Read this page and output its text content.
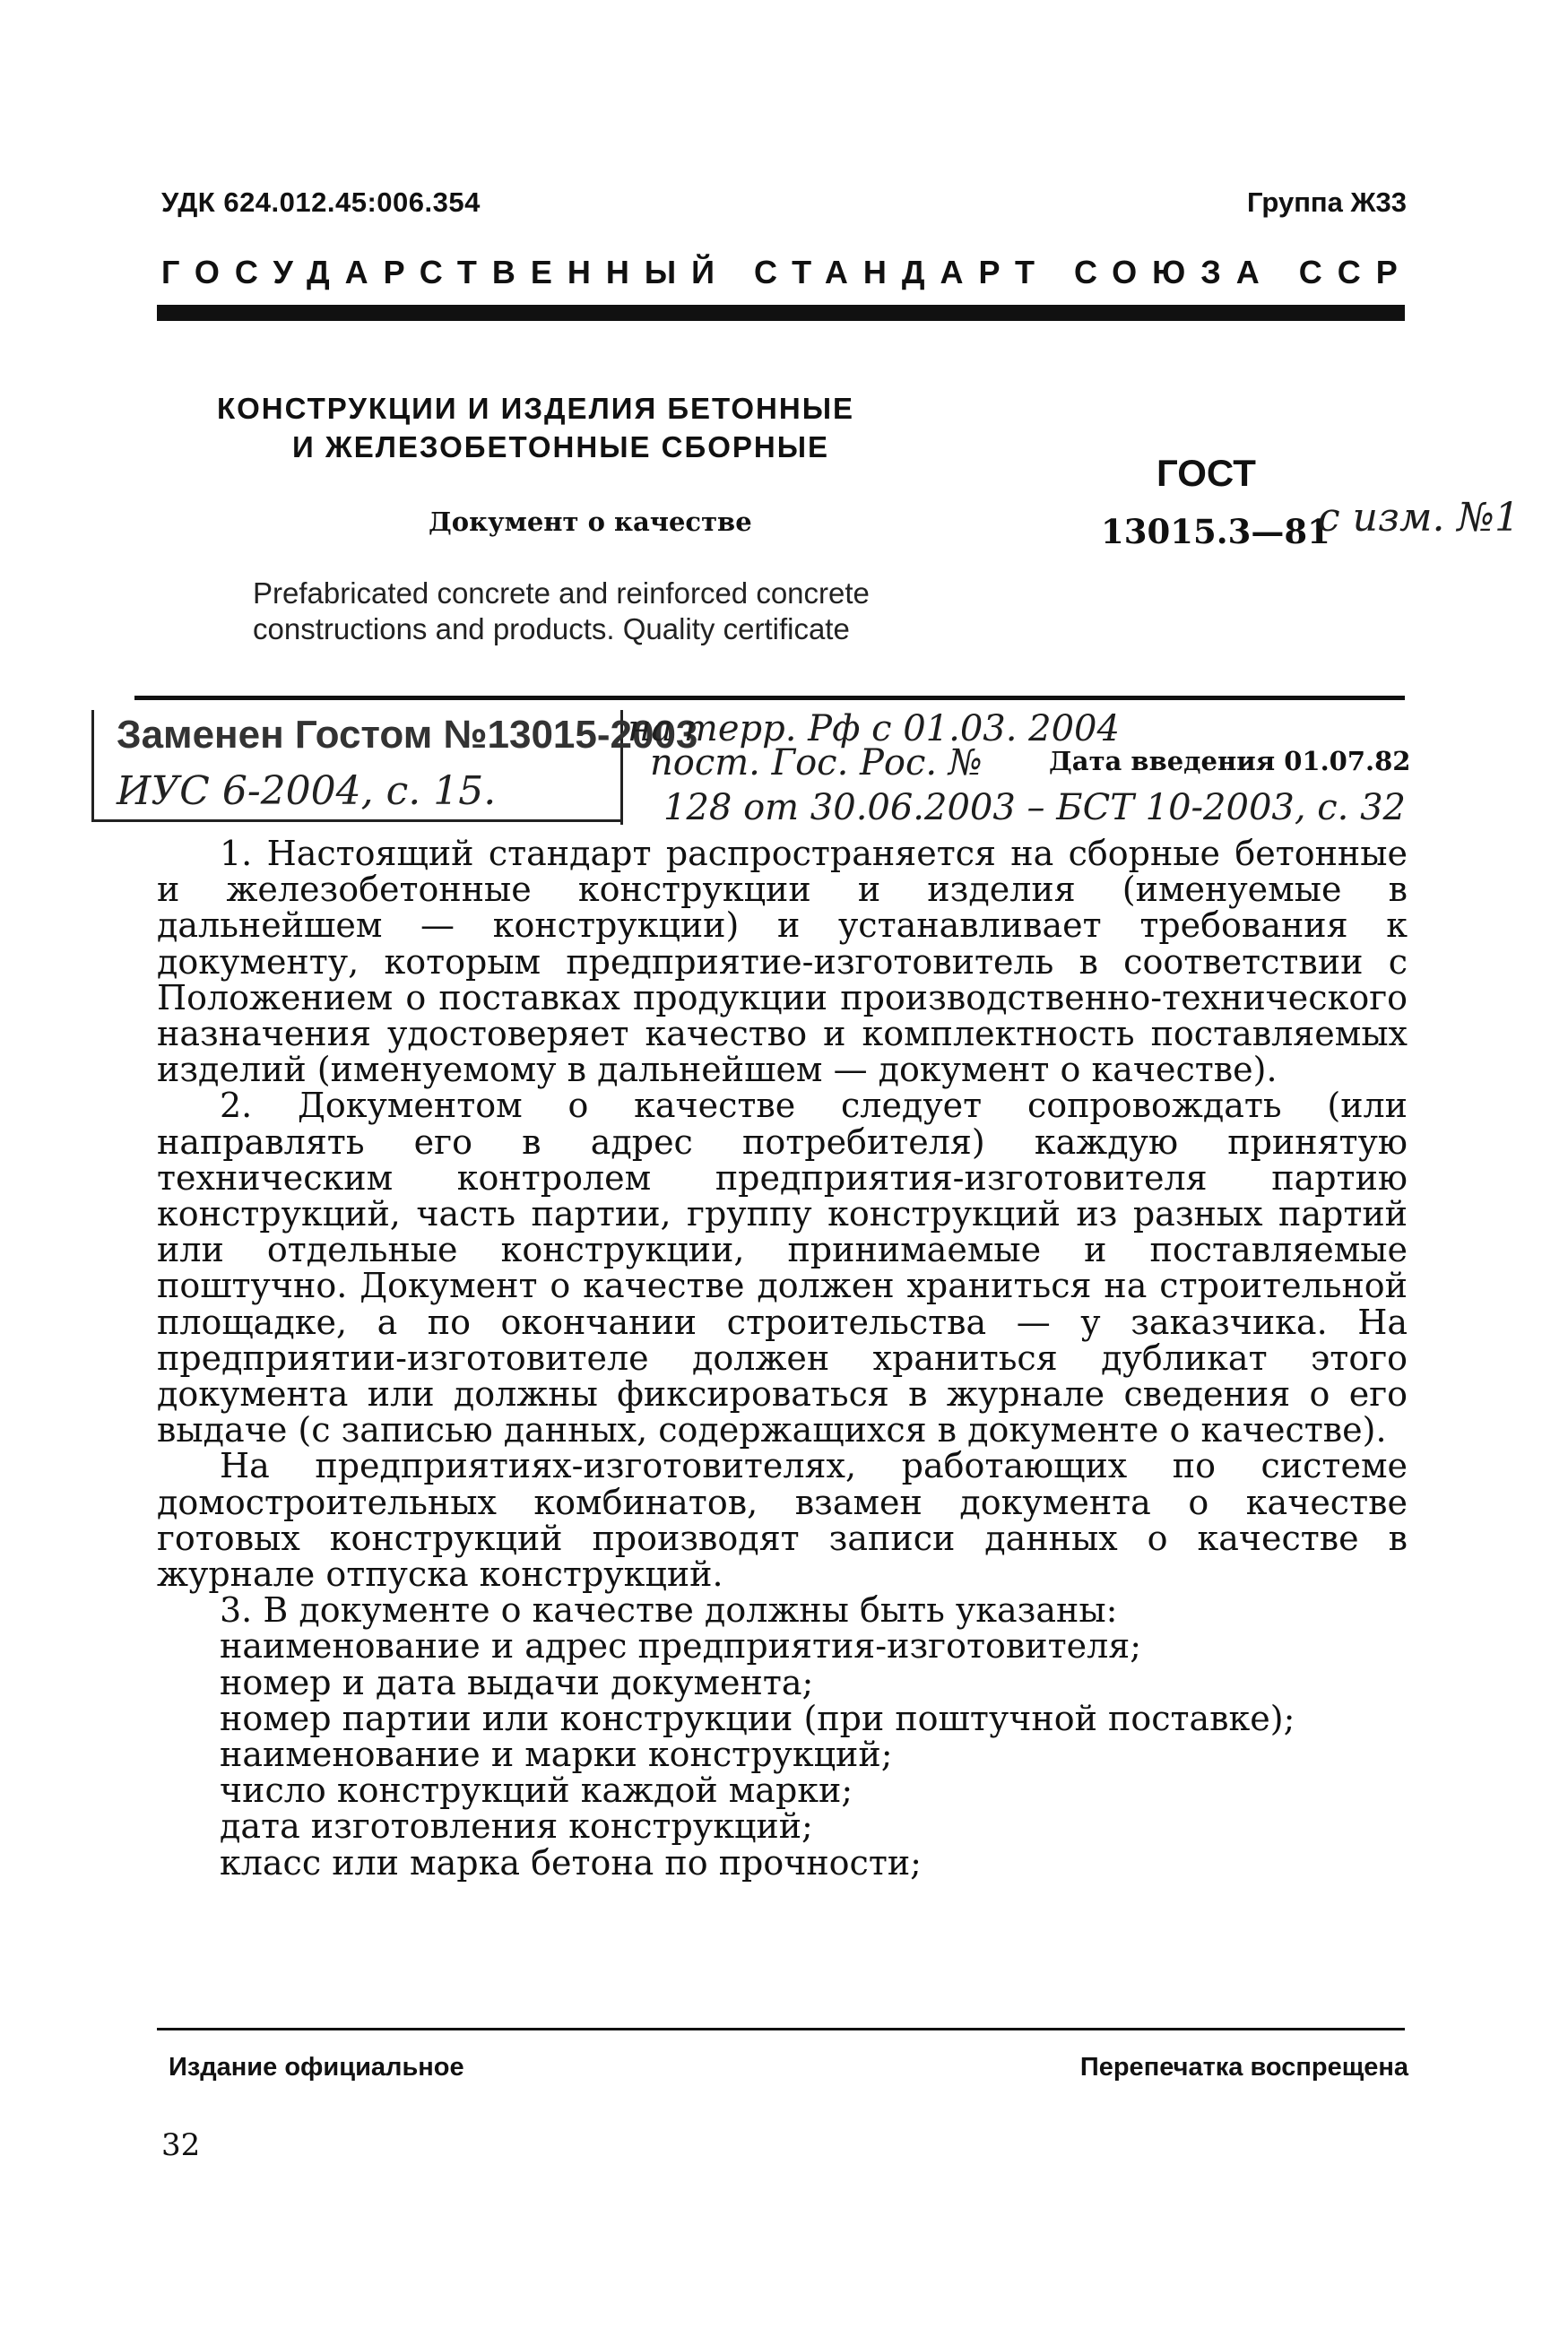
УДК 624.012.45:006.354	Группа Ж33
ГОСУДАРСТВЕННЫЙ СТАНДАРТ СОЮЗА ССР
КОНСТРУКЦИИ И ИЗДЕЛИЯ БЕТОННЫЕ
И ЖЕЛЕЗОБЕТОННЫЕ СБОРНЫЕ
Документ о качестве
Prefabricated concrete and reinforced concrete
constructions and products. Quality certificate
ГОСТ
13015.3—81
с изм. №1
Заменен Гостом №13015-2003
ИУС 6-2004, с. 15.
на терр. Рф с 01.03. 2004
пост. Гос. Рос. №
128 от 30.06.2003 – БСТ 10-2003, с. 32
Дата введения 01.07.82

1. Настоящий стандарт распространяется на сборные бетонные и железобетонные конструкции и изделия (именуемые в дальнейшем — конструкции) и устанавливает требования к документу, которым предприятие-изготовитель в соответствии с Положением о поставках продукции производственно-технического назначения удостоверяет качество и комплектность поставляемых изделий (именуемому в дальнейшем — документ о качестве).

2. Документом о качестве следует сопровождать (или направлять его в адрес потребителя) каждую принятую техническим контролем предприятия-изготовителя партию конструкций, часть партии, группу конструкций из разных партий или отдельные конструкции, принимаемые и поставляемые поштучно. Документ о качестве должен храниться на строительной площадке, а по окончании строительства — у заказчика. На предприятии-изготовителе должен храниться дубликат этого документа или должны фиксироваться в журнале сведения о его выдаче (с записью данных, содержащихся в документе о качестве).

На предприятиях-изготовителях, работающих по системе домостроительных комбинатов, взамен документа о качестве готовых конструкций производят записи данных о качестве в журнале отпуска конструкций.

3. В документе о качестве должны быть указаны:

наименование и адрес предприятия-изготовителя;

номер и дата выдачи документа;

номер партии или конструкции (при поштучной поставке);

наименование и марки конструкций;

число конструкций каждой марки;

дата изготовления конструкций;

класс или марка бетона по прочности;

Издание официальное	Перепечатка воспрещена
32
